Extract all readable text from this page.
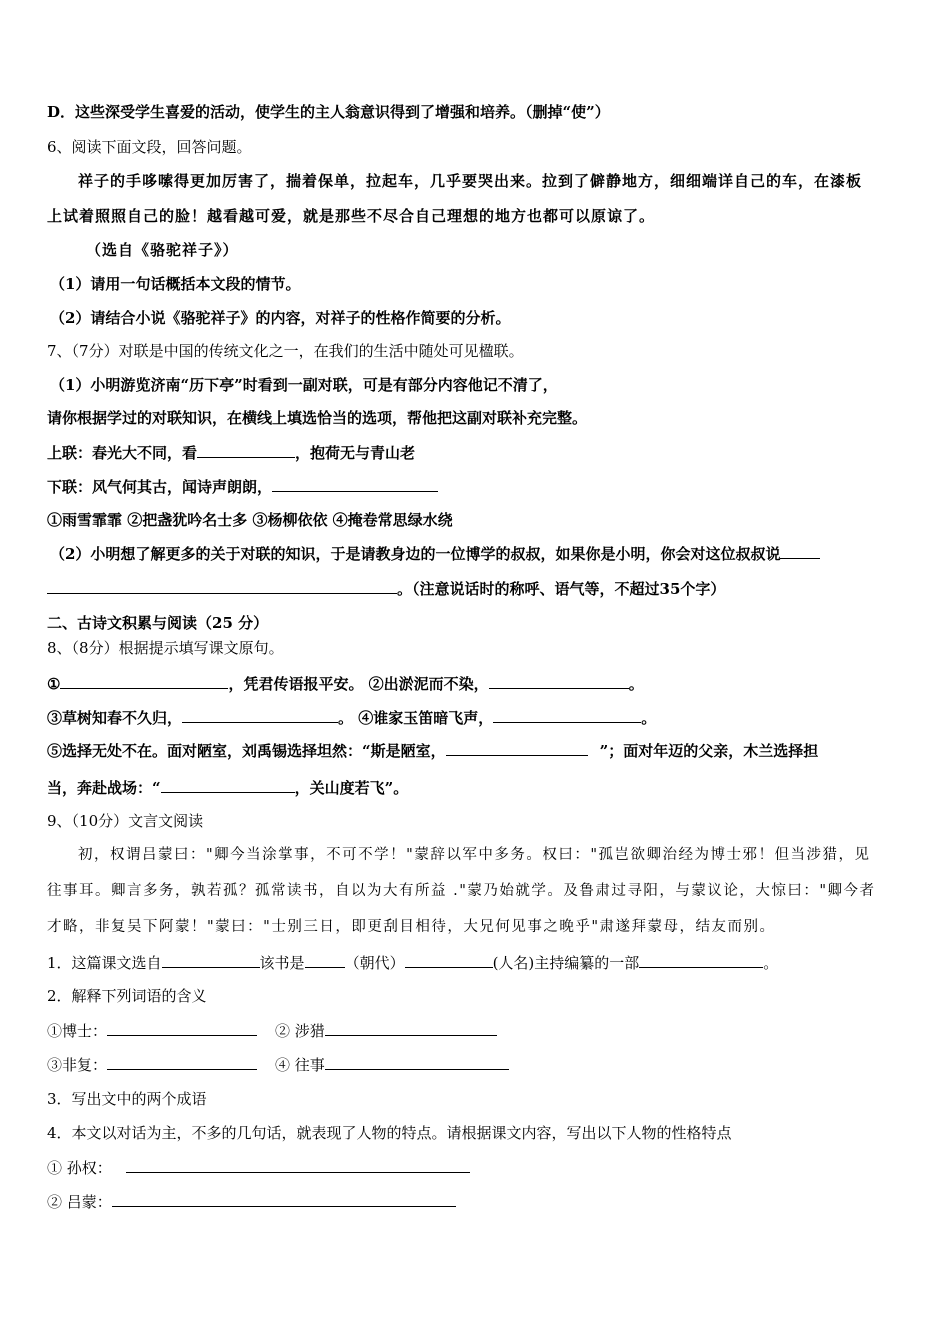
D．这些深受学生喜爱的活动，使学生的主人翁意识得到了增强和培养。（删掉“使”）
6、阅读下面文段，回答问题。
祥子的手哆嗦得更加厉害了，揣着保单，拉起车，几乎要哭出来。拉到了僻静地方，细细端详自己的车，在漆板
上试着照照自己的脸！越看越可爱，就是那些不尽合自己理想的地方也都可以原谅了。
（选自《骆驼祥子》）
（1）请用一句话概括本文段的情节。
（2）请结合小说《骆驼祥子》的内容，对祥子的性格作简要的分析。
7、（7分）对联是中国的传统文化之一，在我们的生活中随处可见楹联。
（1）小明游览济南“历下亭”时看到一副对联，可是有部分内容他记不清了，
请你根据学过的对联知识，在横线上填选恰当的选项，帮他把这副对联补充完整。
上联：春光大不同，看	，抱荷无与青山老
下联：风气何其古，闻诗声朗朗，
①雨雪霏霏 ②把盏犹吟名士多 ③杨柳依依 ④掩卷常思绿水绕
（2）小明想了解更多的关于对联的知识，于是请教身边的一位博学的叔叔，如果你是小明，你会对这位叔叔说
。（注意说话时的称呼、语气等，不超过35个字）
二、古诗文积累与阅读（25 分）
8、（8分）根据提示填写课文原句。
①	，凭君传语报平安。 ②出淤泥而不染，	。
③草树知春不久归，	。 ④谁家玉笛暗飞声，	。
⑤选择无处不在。面对陋室，刘禹锡选择坦然：“斯是陋室，	”；面对年迈的父亲，木兰选择担
当，奔赴战场：“	，关山度若飞”。
9、（10分）文言文阅读
初，权谓吕蒙曰："卿今当涂掌事，不可不学！"蒙辞以军中多务。权曰："孤岂欲卿治经为博士邪！但当涉猎，见
往事耳。卿言多务，孰若孤？孤常读书，自以为大有所益 ."蒙乃始就学。及鲁肃过寻阳，与蒙议论，大惊曰："卿今者
才略，非复吴下阿蒙！"蒙曰："士别三日，即更刮目相待，大兄何见事之晚乎"肃遂拜蒙母，结友而别。
1．这篇课文选自	该书是	（朝代）	(人名)主持编纂的一部	。
2．解释下列词语的含义
①博士：	② 涉猎
③非复：	④ 往事
3．写出文中的两个成语
4．本文以对话为主，不多的几句话，就表现了人物的特点。请根据课文内容，写出以下人物的性格特点
① 孙权：
② 吕蒙：
